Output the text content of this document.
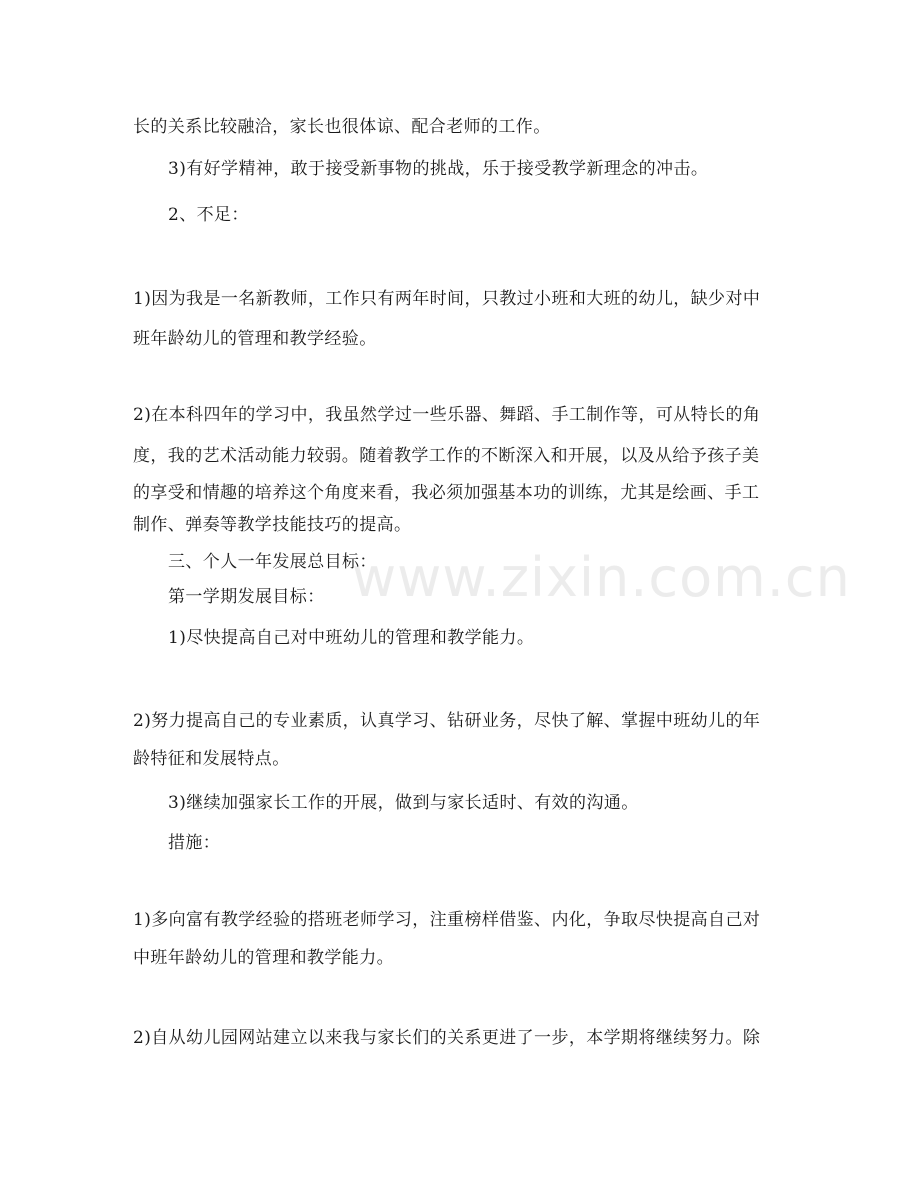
www.zixin.com.cn
长的关系比较融洽，家长也很体谅、配合老师的工作。
3)有好学精神，敢于接受新事物的挑战，乐于接受教学新理念的冲击。
2、不足：
1)因为我是一名新教师，工作只有两年时间，只教过小班和大班的幼儿，缺少对中
班年龄幼儿的管理和教学经验。
2)在本科四年的学习中，我虽然学过一些乐器、舞蹈、手工制作等，可从特长的角
度，我的艺术活动能力较弱。随着教学工作的不断深入和开展，以及从给予孩子美
的享受和情趣的培养这个角度来看，我必须加强基本功的训练，尤其是绘画、手工
制作、弹奏等教学技能技巧的提高。
三、个人一年发展总目标：
第一学期发展目标：
1)尽快提高自己对中班幼儿的管理和教学能力。
2)努力提高自己的专业素质，认真学习、钻研业务，尽快了解、掌握中班幼儿的年
龄特征和发展特点。
3)继续加强家长工作的开展，做到与家长适时、有效的沟通。
措施：
1)多向富有教学经验的搭班老师学习，注重榜样借鉴、内化，争取尽快提高自己对
中班年龄幼儿的管理和教学能力。
2)自从幼儿园网站建立以来我与家长们的关系更进了一步，本学期将继续努力。除
